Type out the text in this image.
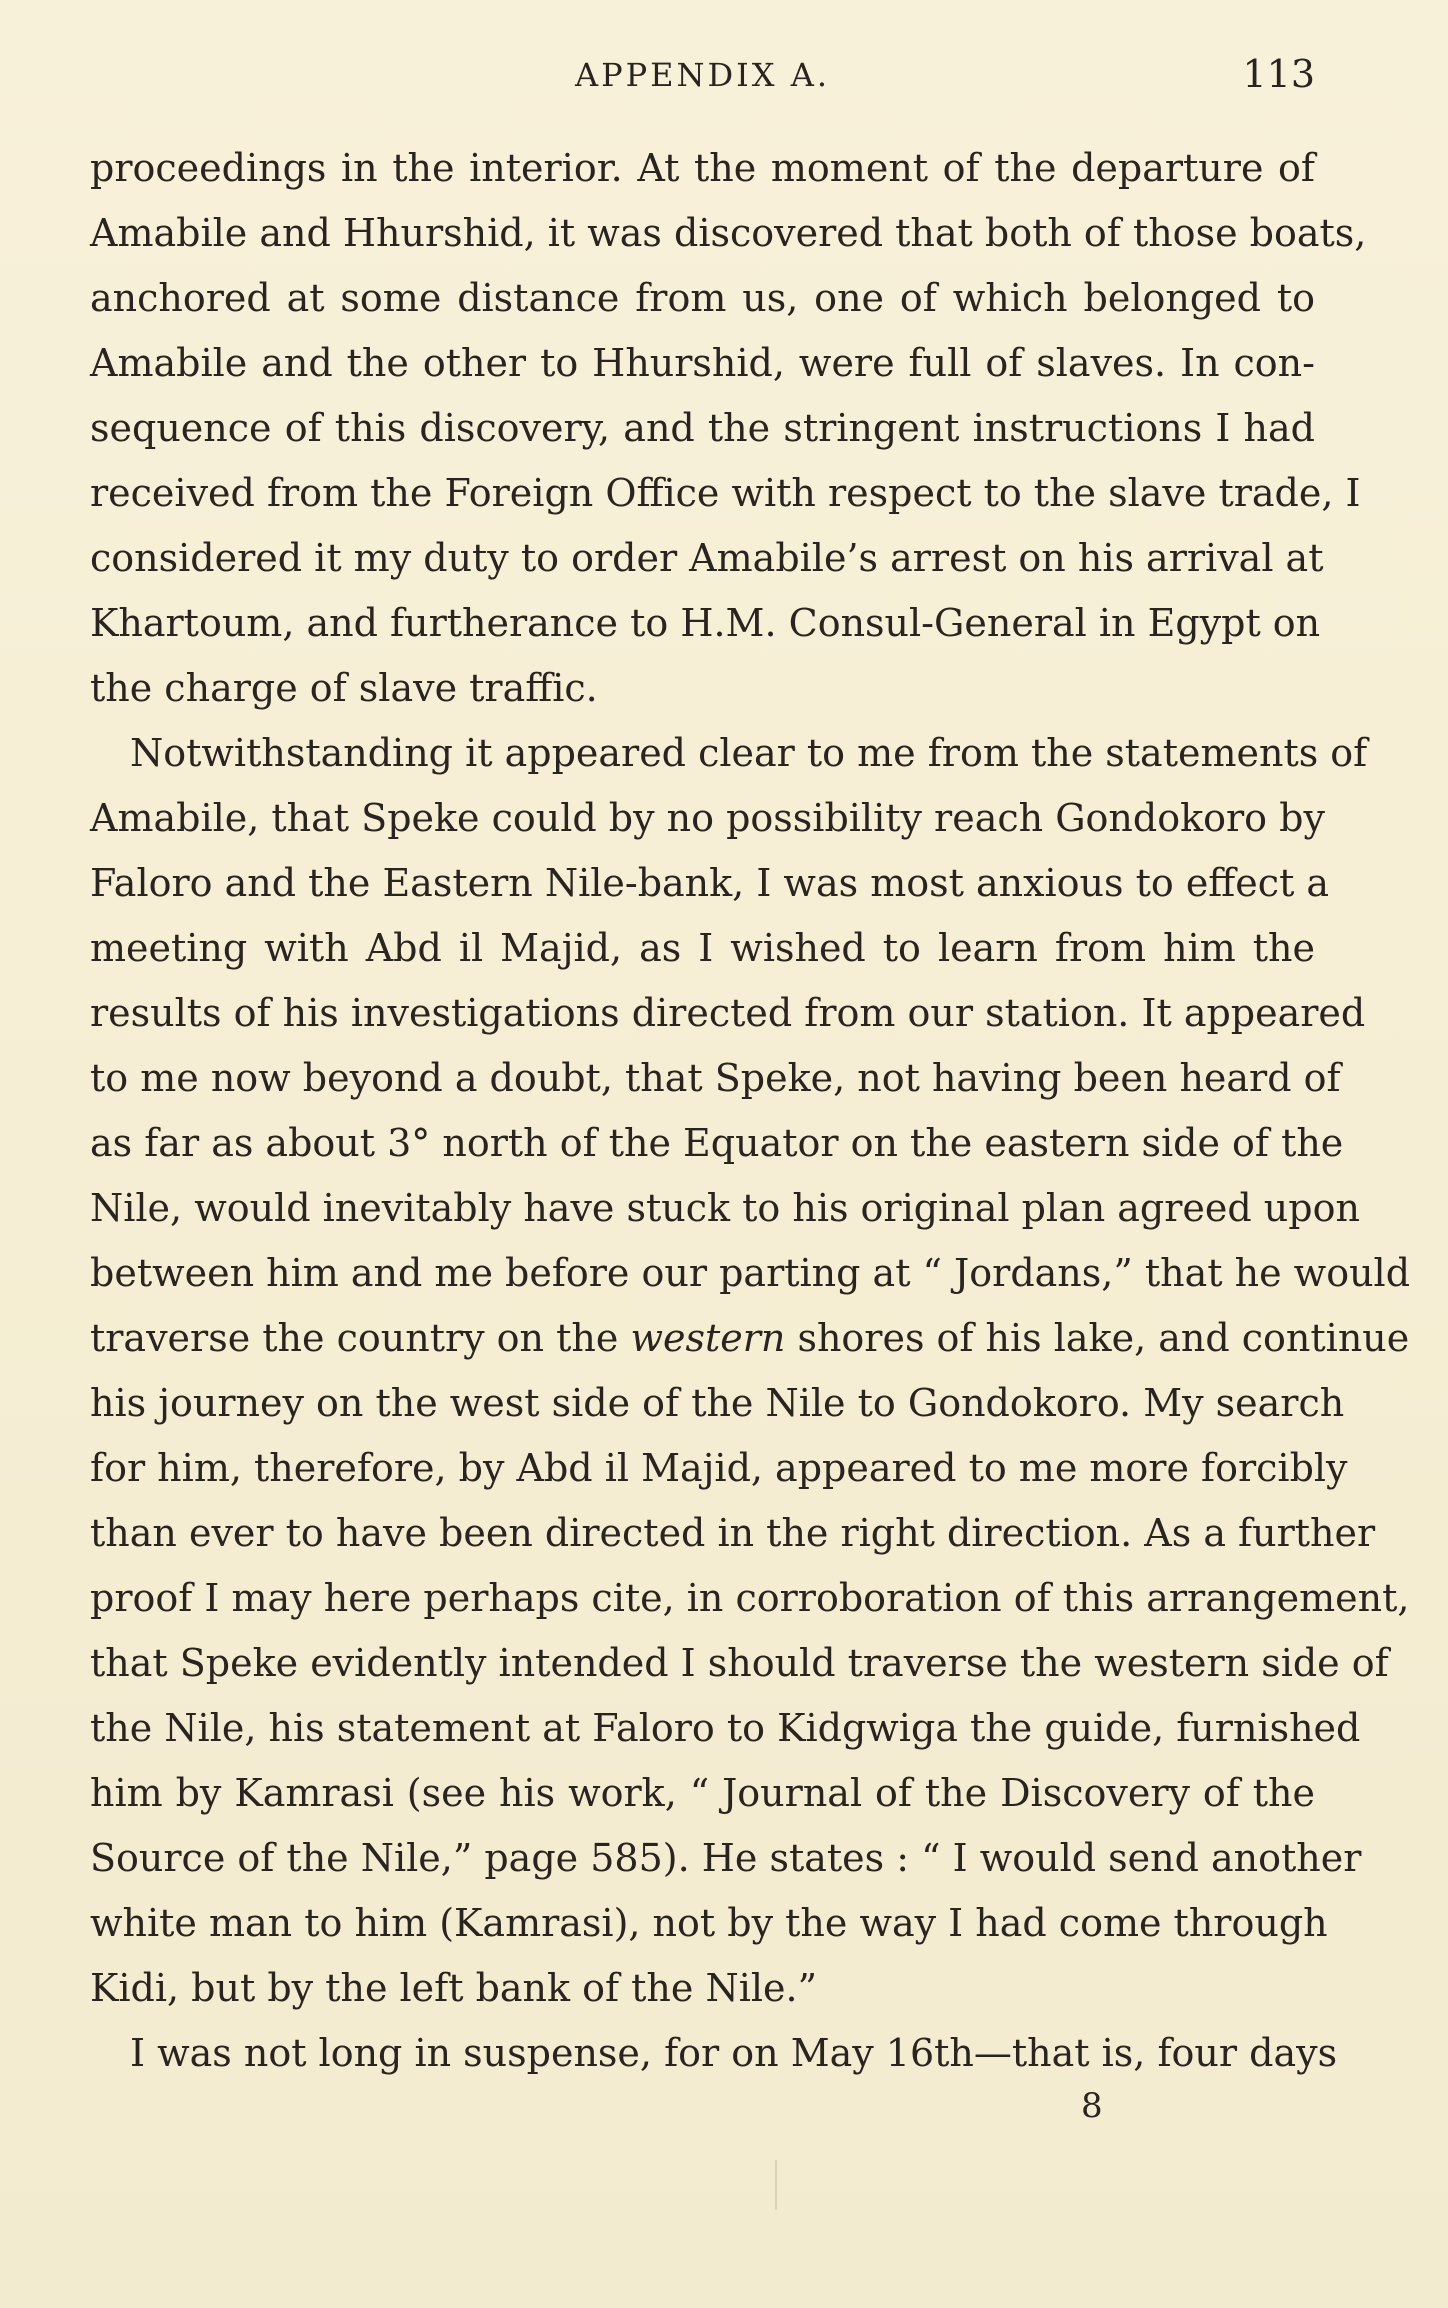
APPENDIX A.	113
proceedings in the interior. At the moment of the departure of
Amabile and Hhurshid, it was discovered that both of those boats,
anchored at some distance from us, one of which belonged to
Amabile and the other to Hhurshid, were full of slaves. In con-
sequence of this discovery, and the stringent instructions I had
received from the Foreign Office with respect to the slave trade, I
considered it my duty to order Amabile’s arrest on his arrival at
Khartoum, and furtherance to H.M. Consul-General in Egypt on
the charge of slave traffic.
Notwithstanding it appeared clear to me from the statements of
Amabile, that Speke could by no possibility reach Gondokoro by
Faloro and the Eastern Nile-bank, I was most anxious to effect a
meeting with Abd il Majid, as I wished to learn from him the
results of his investigations directed from our station. It appeared
to me now beyond a doubt, that Speke, not having been heard of
as far as about 3° north of the Equator on the eastern side of the
Nile, would inevitably have stuck to his original plan agreed upon
between him and me before our parting at “ Jordans,” that he would
traverse the country on the western shores of his lake, and continue
his journey on the west side of the Nile to Gondokoro. My search
for him, therefore, by Abd il Majid, appeared to me more forcibly
than ever to have been directed in the right direction. As a further
proof I may here perhaps cite, in corroboration of this arrangement,
that Speke evidently intended I should traverse the western side of
the Nile, his statement at Faloro to Kidgwiga the guide, furnished
him by Kamrasi (see his work, “ Journal of the Discovery of the
Source of the Nile,” page 585). He states : “ I would send another
white man to him (Kamrasi), not by the way I had come through
Kidi, but by the left bank of the Nile.”
I was not long in suspense, for on May 16th—that is, four days
8
